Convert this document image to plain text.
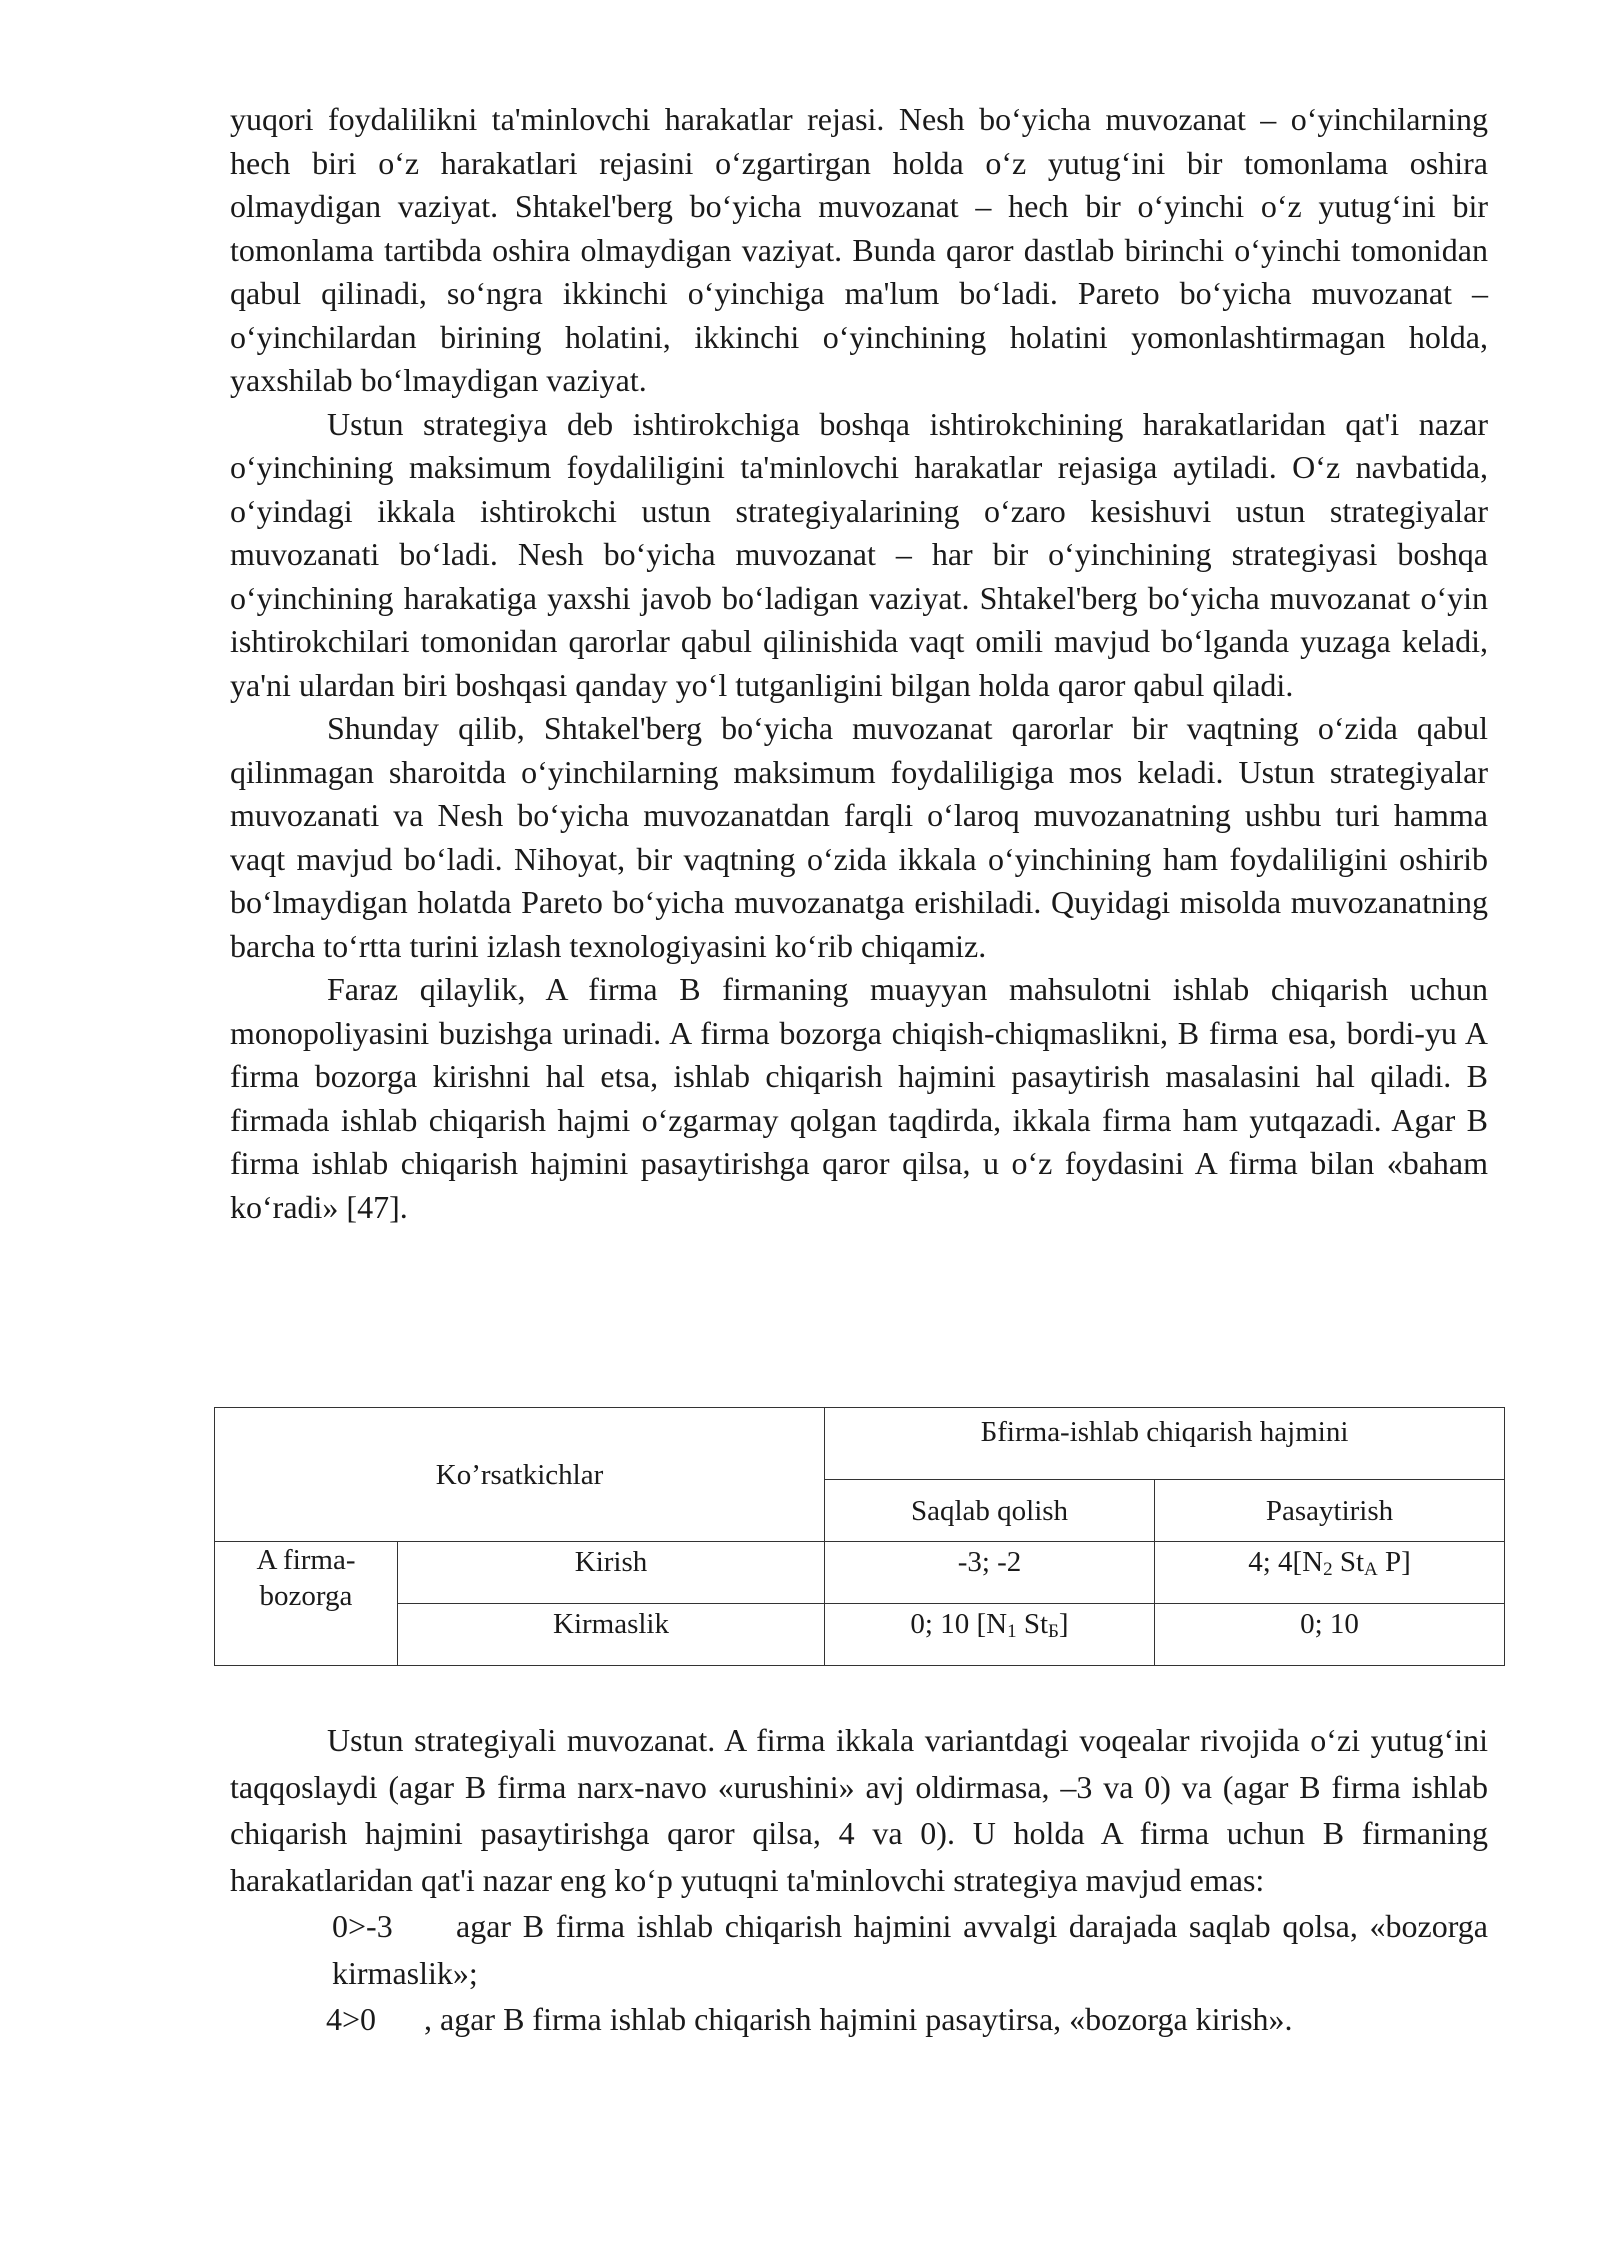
yuqori foydalilikni ta'minlovchi harakatlar rejasi. Nesh bo‘yicha muvozanat – o‘yinchilarning hech biri o‘z harakatlari rejasini o‘zgartirgan holda o‘z yutug‘ini bir tomonlama oshira olmaydigan vaziyat. Shtakel'berg bo‘yicha muvozanat – hech bir o‘yinchi o‘z yutug‘ini bir tomonlama tartibda oshira olmaydigan vaziyat. Bunda qaror dastlab birinchi o‘yinchi tomonidan qabul qilinadi, so‘ngra ikkinchi o‘yinchiga ma'lum bo‘ladi. Pareto bo‘yicha muvozanat – o‘yinchilardan birining holatini, ikkinchi o‘yinchining holatini yomonlashtirmagan holda, yaxshilab bo‘lmaydigan vaziyat.

Ustun strategiya deb ishtirokchiga boshqa ishtirokchining harakatlaridan qat'i nazar o‘yinchining maksimum foydaliligini ta'minlovchi harakatlar rejasiga aytiladi. O‘z navbatida, o‘yindagi ikkala ishtirokchi ustun strategiyalarining o‘zaro kesishuvi ustun strategiyalar muvozanati bo‘ladi. Nesh bo‘yicha muvozanat – har bir o‘yinchining strategiyasi boshqa o‘yinchining harakatiga yaxshi javob bo‘ladigan vaziyat. Shtakel'berg bo‘yicha muvozanat o‘yin ishtirokchilari tomonidan qarorlar qabul qilinishida vaqt omili mavjud bo‘lganda yuzaga keladi, ya'ni ulardan biri boshqasi qanday yo‘l tutganligini bilgan holda qaror qabul qiladi.

Shunday qilib, Shtakel'berg bo‘yicha muvozanat qarorlar bir vaqtning o‘zida qabul qilinmagan sharoitda o‘yinchilarning maksimum foydaliligiga mos keladi. Ustun strategiyalar muvozanati va Nesh bo‘yicha muvozanatdan farqli o‘laroq muvozanatning ushbu turi hamma vaqt mavjud bo‘ladi. Nihoyat, bir vaqtning o‘zida ikkala o‘yinchining ham foydaliligini oshirib bo‘lmaydigan holatda Pareto bo‘yicha muvozanatga erishiladi. Quyidagi misolda muvozanatning barcha to‘rtta turini izlash texnologiyasini ko‘rib chiqamiz.

Faraz qilaylik, A firma B firmaning muayyan mahsulotni ishlab chiqarish uchun monopoliyasini buzishga urinadi. A firma bozorga chiqish-chiqmaslikni, B firma esa, bordi-yu A firma bozorga kirishni hal etsa, ishlab chiqarish hajmini pasaytirish masalasini hal qiladi. B firmada ishlab chiqarish hajmi o‘zgarmay qolgan taqdirda, ikkala firma ham yutqazadi. Agar B firma ishlab chiqarish hajmini pasaytirishga qaror qilsa, u o‘z foydasini A firma bilan «baham ko‘radi» [47].

Ko’rsatkichlar		Бfirma-ishlab chiqarish hajmini	
		Saqlab qolish	Pasaytirish
A firma-bozorga	Kirish	-3; -2	4; $4[N_2$ $St_A$ P]
	Kirmaslik	0; 10 [$N_1$ $St_Б$]	0; 10

Ustun strategiyali muvozanat. A firma ikkala variantdagi voqealar rivojida o‘zi yutug‘ini taqqoslaydi (agar B firma narx-navo «urushini» avj oldirmasa, –3 va 0) va (agar B firma ishlab chiqarish hajmini pasaytirishga qaror qilsa, 4 va 0). U holda A firma uchun B firmaning harakatlaridan qat'i nazar eng ko‘p yutuqni ta'minlovchi strategiya mavjud emas:

0>-3 agar B firma ishlab chiqarish hajmini avvalgi darajada saqlab qolsa, «bozorga kirmaslik»;

4>0 , agar B firma ishlab chiqarish hajmini pasaytirsa, «bozorga kirish».
